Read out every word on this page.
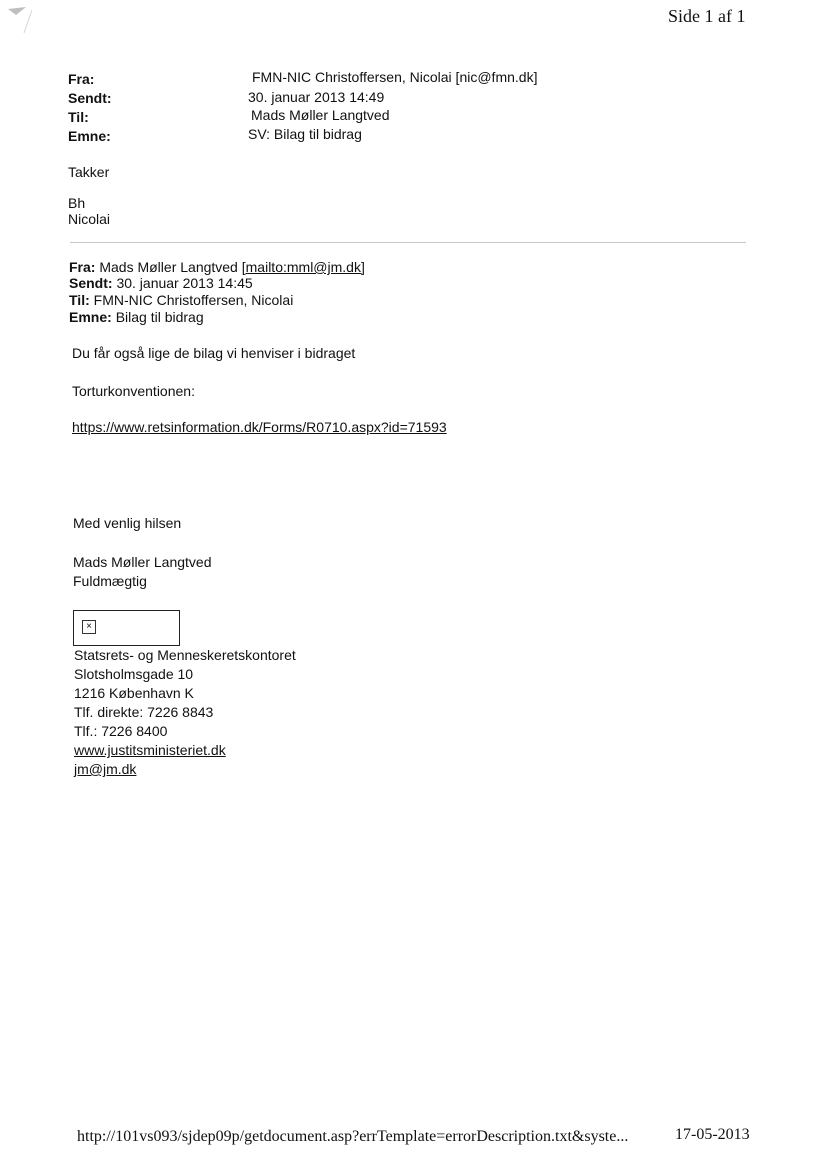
Side 1 af 1
Fra:	FMN-NIC Christoffersen, Nicolai [nic@fmn.dk]
Sendt:	30. januar 2013 14:49
Til:	Mads Møller Langtved
Emne:	SV: Bilag til bidrag
Takker
Bh
Nicolai
Fra: Mads Møller Langtved [mailto:mml@jm.dk]
Sendt: 30. januar 2013 14:45
Til: FMN-NIC Christoffersen, Nicolai
Emne: Bilag til bidrag
Du får også lige de bilag vi henviser i bidraget
Torturkonventionen:
https://www.retsinformation.dk/Forms/R0710.aspx?id=71593
Med venlig hilsen
Mads Møller Langtved
Fuldmægtig
×
Statsrets- og Menneskeretskontoret
Slotsholmsgade 10
1216 København K
Tlf. direkte: 7226 8843
Tlf.: 7226 8400
www.justitsministeriet.dk
jm@jm.dk
http://101vs093/sjdep09p/getdocument.asp?errTemplate=errorDescription.txt&syste...	17-05-2013
